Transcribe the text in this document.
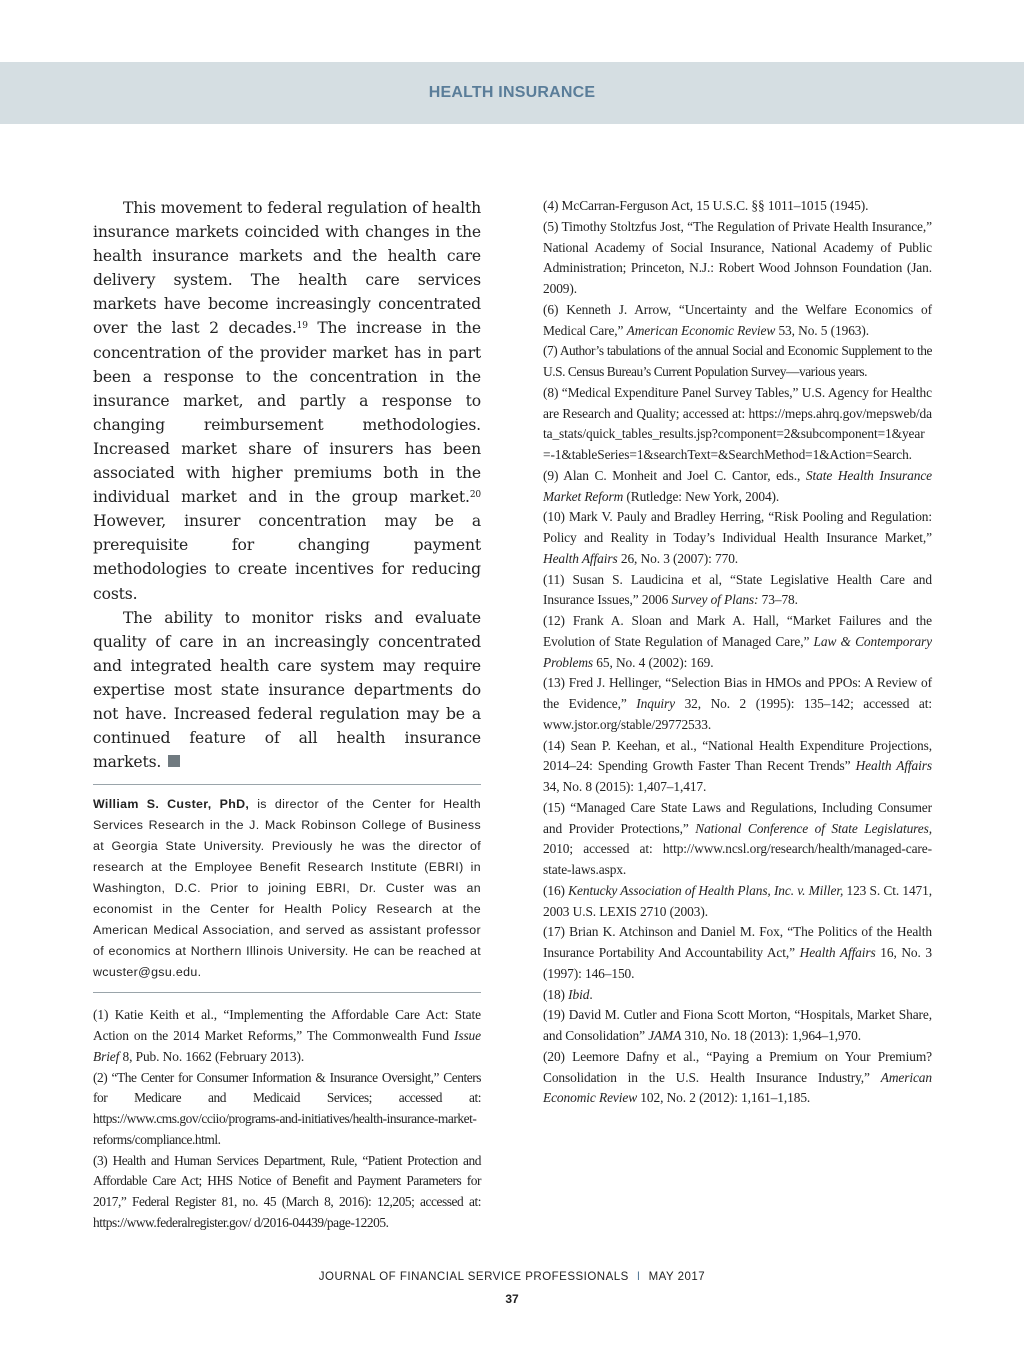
HEALTH INSURANCE

This movement to federal regulation of health insurance markets coincided with changes in the health insurance markets and the health care delivery system. The health care services markets have become increasingly concentrated over the last 2 decades.$^{19}$ The increase in the concentration of the provider market has in part been a response to the concentration in the insurance market, and partly a response to changing reimbursement methodologies. Increased market share of insurers has been associated with higher premiums both in the individual market and in the group market.$^{20}$ However, insurer concentration may be a prerequisite for changing payment methodologies to create incentives for reducing costs.

The ability to monitor risks and evaluate quality of care in an increasingly concentrated and integrated health care system may require expertise most state insurance departments do not have. Increased federal regulation may be a continued feature of all health insurance markets.

William S. Custer, PhD, is director of the Center for Health Services Research in the J. Mack Robinson College of Business at Georgia State University. Previously he was the director of research at the Employee Benefit Research Institute (EBRI) in Washington, D.C. Prior to joining EBRI, Dr. Custer was an economist in the Center for Health Policy Research at the American Medical Association, and served as assistant professor of economics at Northern Illinois University. He can be reached at wcuster@gsu.edu.

(1) Katie Keith et al., “Implementing the Affordable Care Act: State Action on the 2014 Market Reforms,” The Commonwealth Fund Issue Brief 8, Pub. No. 1662 (February 2013).

(2) “The Center for Consumer Information & Insurance Oversight,” Centers for Medicare and Medicaid Services; accessed at: https://www.cms.gov/cciio/programs-and-initiatives/health-insurance-market-reforms/compliance.html.

(3) Health and Human Services Department, Rule, “Patient Protection and Affordable Care Act; HHS Notice of Benefit and Payment Parameters for 2017,” Federal Register 81, no. 45 (March 8, 2016): 12,205; accessed at: https://www.federalregister.gov/ d/2016-04439/page-12205.

(4) McCarran-Ferguson Act, 15 U.S.C. §§ 1011–1015 (1945).

(5) Timothy Stoltzfus Jost, “The Regulation of Private Health Insurance,” National Academy of Social Insurance, National Academy of Public Administration; Princeton, N.J.: Robert Wood Johnson Foundation (Jan. 2009).

(6) Kenneth J. Arrow, “Uncertainty and the Welfare Economics of Medical Care,” American Economic Review 53, No. 5 (1963).

(7) Author’s tabulations of the annual Social and Economic Supplement to the U.S. Census Bureau’s Current Population Survey—various years.

(8) “Medical Expenditure Panel Survey Tables,” U.S. Agency for Healthcare Research and Quality; accessed at: https://meps.ahrq.gov/mepsweb/data_stats/quick_tables_results.jsp?component=2&subcomponent=1&year=-1&tableSeries=1&searchText=&SearchMethod=1&Action=Search.

(9) Alan C. Monheit and Joel C. Cantor, eds., State Health Insurance Market Reform (Rutledge: New York, 2004).

(10) Mark V. Pauly and Bradley Herring, “Risk Pooling and Regulation: Policy and Reality in Today’s Individual Health Insurance Market,” Health Affairs 26, No. 3 (2007): 770.

(11) Susan S. Laudicina et al, “State Legislative Health Care and Insurance Issues,” 2006 Survey of Plans: 73–78.

(12) Frank A. Sloan and Mark A. Hall, “Market Failures and the Evolution of State Regulation of Managed Care,” Law & Contemporary Problems 65, No. 4 (2002): 169.

(13) Fred J. Hellinger, “Selection Bias in HMOs and PPOs: A Review of the Evidence,” Inquiry 32, No. 2 (1995): 135–142; accessed at: www.jstor.org/stable/29772533.

(14) Sean P. Keehan, et al., “National Health Expenditure Projections, 2014–24: Spending Growth Faster Than Recent Trends” Health Affairs 34, No. 8 (2015): 1,407–1,417.

(15) “Managed Care State Laws and Regulations, Including Consumer and Provider Protections,” National Conference of State Legislatures, 2010; accessed at: http://www.ncsl.org/research/health/managed-care-state-laws.aspx.

(16) Kentucky Association of Health Plans, Inc. v. Miller, 123 S. Ct. 1471, 2003 U.S. LEXIS 2710 (2003).

(17) Brian K. Atchinson and Daniel M. Fox, “The Politics of the Health Insurance Portability And Accountability Act,” Health Affairs 16, No. 3 (1997): 146–150.

(18) Ibid.

(19) David M. Cutler and Fiona Scott Morton, “Hospitals, Market Share, and Consolidation” JAMA 310, No. 18 (2013): 1,964–1,970.

(20) Leemore Dafny et al., “Paying a Premium on Your Premium? Consolidation in the U.S. Health Insurance Industry,” American Economic Review 102, No. 2 (2012): 1,161–1,185.

JOURNAL OF FINANCIAL SERVICE PROFESSIONALS I MAY 2017
37
